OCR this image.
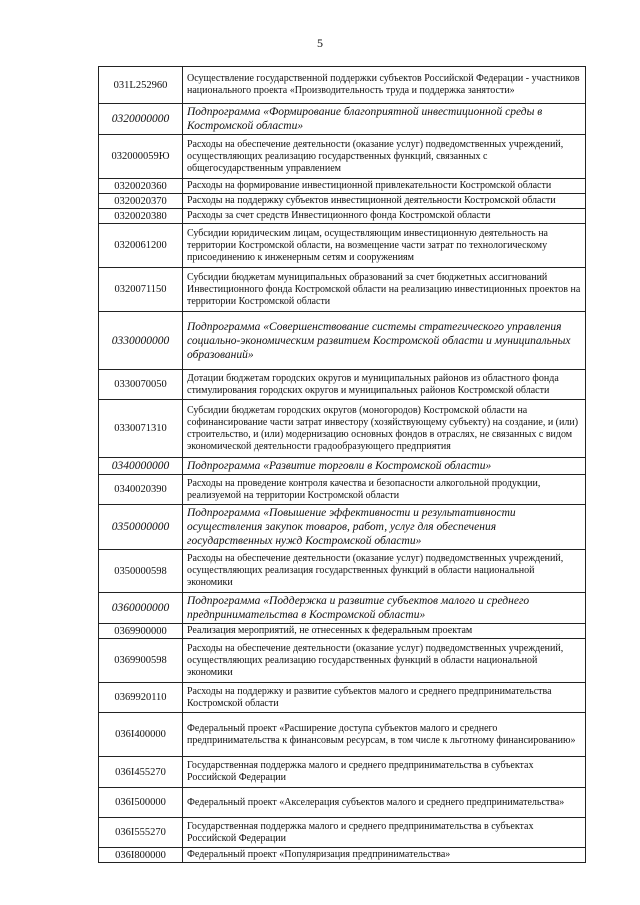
5
031L252960	Осуществление государственной поддержки субъектов Российской Федерации - участников национального проекта «Производительность труда и поддержка занятости»
0320000000	Подпрограмма «Формирование благоприятной инвестиционной среды в Костромской области»
032000059Ю	Расходы на обеспечение деятельности (оказание услуг) подведомственных учреждений, осуществляющих реализацию государственных функций, связанных с общегосударственным управлением
0320020360	Расходы на формирование инвестиционной привлекательности Костромской области
0320020370	Расходы на поддержку субъектов инвестиционной деятельности Костромской области
0320020380	Расходы за счет средств Инвестиционного фонда Костромской области
0320061200	Субсидии юридическим лицам, осуществляющим инвестиционную деятельность на территории Костромской области, на возмещение части затрат по технологическому присоединению к инженерным сетям и сооружениям
0320071150	Субсидии бюджетам муниципальных образований за счет бюджетных ассигнований Инвестиционного фонда Костромской области на реализацию инвестиционных проектов на территории Костромской области
0330000000	Подпрограмма «Совершенствование системы стратегического управления социально-экономическим развитием Костромской области и муниципальных образований»
0330070050	Дотации бюджетам городских округов и муниципальных районов из областного фонда стимулирования городских округов и муниципальных районов Костромской области
0330071310	Субсидии бюджетам городских округов (моногородов) Костромской области на софинансирование части затрат инвестору (хозяйствующему субъекту) на создание, и (или) строительство, и (или) модернизацию основных фондов в отраслях, не связанных с видом экономической деятельности градообразующего предприятия
0340000000	Подпрограмма «Развитие торговли в Костромской области»
0340020390	Расходы на проведение контроля качества и безопасности алкогольной продукции, реализуемой на территории Костромской области
0350000000	Подпрограмма «Повышение эффективности и результативности осуществления закупок товаров, работ, услуг для обеспечения государственных нужд Костромской области»
0350000598	Расходы на обеспечение деятельности (оказание услуг) подведомственных учреждений, осуществляющих реализация государственных функций в области национальной экономики
0360000000	Подпрограмма «Поддержка и развитие субъектов малого и среднего предпринимательства в Костромской области»
0369900000	Реализация мероприятий, не отнесенных к федеральным проектам
0369900598	Расходы на обеспечение деятельности (оказание услуг) подведомственных учреждений, осуществляющих реализацию государственных функций в области национальной экономики
0369920110	Расходы на поддержку и развитие субъектов малого и среднего предпринимательства Костромской области
036I400000	Федеральный проект «Расширение доступа субъектов малого и среднего предпринимательства к финансовым ресурсам, в том числе к льготному финансированию»
036I455270	Государственная поддержка малого и среднего предпринимательства в субъектах Российской Федерации
036I500000	Федеральный проект «Акселерация субъектов малого и среднего предпринимательства»
036I555270	Государственная поддержка малого и среднего предпринимательства в субъектах Российской Федерации
036I800000	Федеральный проект «Популяризация предпринимательства»
